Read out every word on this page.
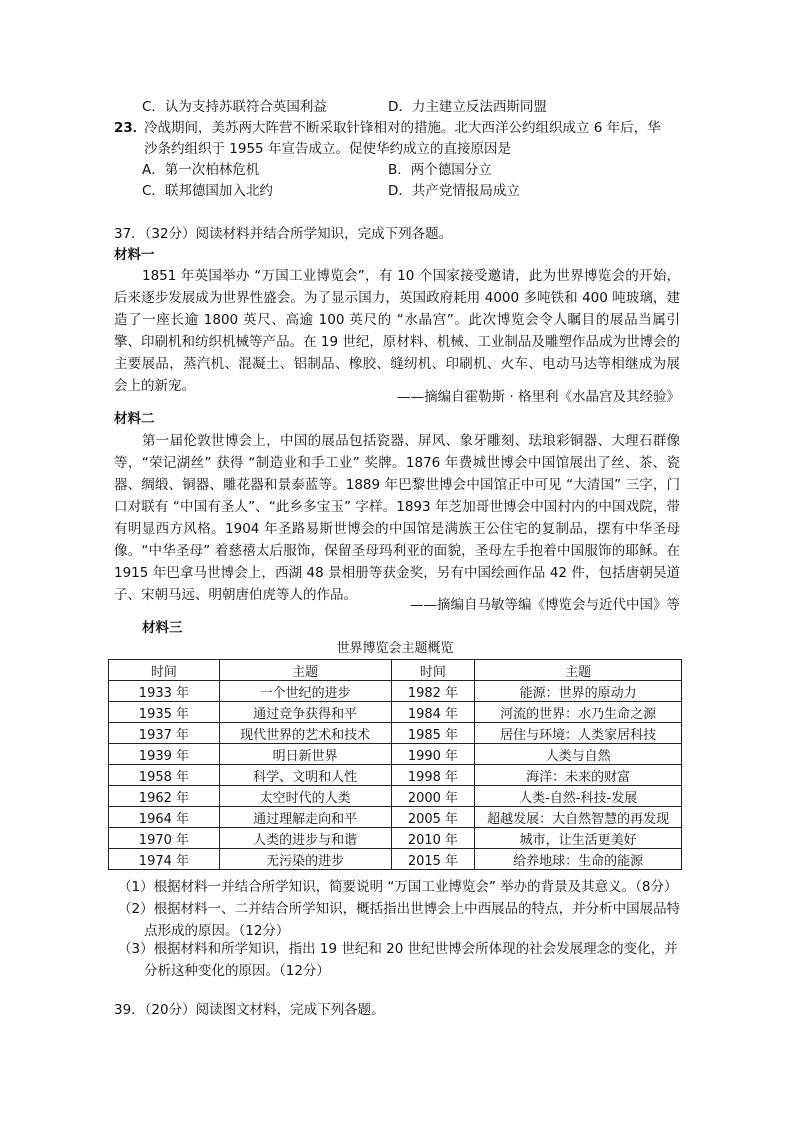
C．认为支持苏联符合英国利益	D．力主建立反法西斯同盟
23．
冷战期间，美苏两大阵营不断采取针锋相对的措施。北大西洋公约组织成立 6 年后，华
沙条约组织于 1955 年宣告成立。促使华约成立的直接原因是
A．第一次柏林危机	B．两个德国分立
C．联邦德国加入北约	D．共产党情报局成立
37．（32分）阅读材料并结合所学知识，完成下列各题。
材料一
1851 年英国举办 “万国工业博览会”，有 10 个国家接受邀请，此为世界博览会的开始，后来逐步发展成为世界性盛会。为了显示国力，英国政府耗用 4000 多吨铁和 400 吨玻璃，建造了一座长逾 1800 英尺、高逾 100 英尺的 “水晶宫”。此次博览会令人瞩目的展品当属引擎、印刷机和纺织机械等产品。在 19 世纪，原材料、机械、工业制品及雕塑作品成为世博会的主要展品，蒸汽机、混凝土、铝制品、橡胶、缝纫机、印刷机、火车、电动马达等相继成为展会上的新宠。
——摘编自霍勒斯 · 格里利《水晶宫及其经验》
材料二
第一届伦敦世博会上，中国的展品包括瓷器、屏风、象牙雕刻、珐琅彩铜器、大理石群像等，“荣记湖丝” 获得 “制造业和手工业” 奖牌。1876 年费城世博会中国馆展出了丝、茶、瓷器、绸缎、铜器、雕花器和景泰蓝等。1889 年巴黎世博会中国馆正中可见 “大清国” 三字，门口对联有 “中国有圣人”、“此乡多宝玉” 字样。1893 年芝加哥世博会中国村内的中国戏院，带有明显西方风格。1904 年圣路易斯世博会的中国馆是满族王公住宅的复制品，摆有中华圣母像。“中华圣母” 着慈禧太后服饰，保留圣母玛利亚的面貌，圣母左手抱着中国服饰的耶稣。在 1915 年巴拿马世博会上，西湖 48 景相册等获金奖，另有中国绘画作品 42 件，包括唐朝吴道子、宋朝马远、明朝唐伯虎等人的作品。
——摘编自马敏等编《博览会与近代中国》等
材料三
世界博览会主题概览
时间	主题	时间	主题
1933 年	一个世纪的进步	1982 年	能源：世界的原动力
1935 年	通过竞争获得和平	1984 年	河流的世界：水乃生命之源
1937 年	现代世界的艺术和技术	1985 年	居住与环境：人类家居科技
1939 年	明日新世界	1990 年	人类与自然
1958 年	科学、文明和人性	1998 年	海洋：未来的财富
1962 年	太空时代的人类	2000 年	人类-自然-科技-发展
1964 年	通过理解走向和平	2005 年	超越发展：大自然智慧的再发现
1970 年	人类的进步与和谐	2010 年	城市，让生活更美好
1974 年	无污染的进步	2015 年	给养地球：生命的能源
（1）根据材料一并结合所学知识，简要说明 “万国工业博览会” 举办的背景及其意义。（8分）
（2）根据材料一、二并结合所学知识，概括指出世博会上中西展品的特点，并分析中国展品特点形成的原因。（12分）
（3）根据材料和所学知识，指出 19 世纪和 20 世纪世博会所体现的社会发展理念的变化，并分析这种变化的原因。（12分）
39．（20分）阅读图文材料，完成下列各题。
